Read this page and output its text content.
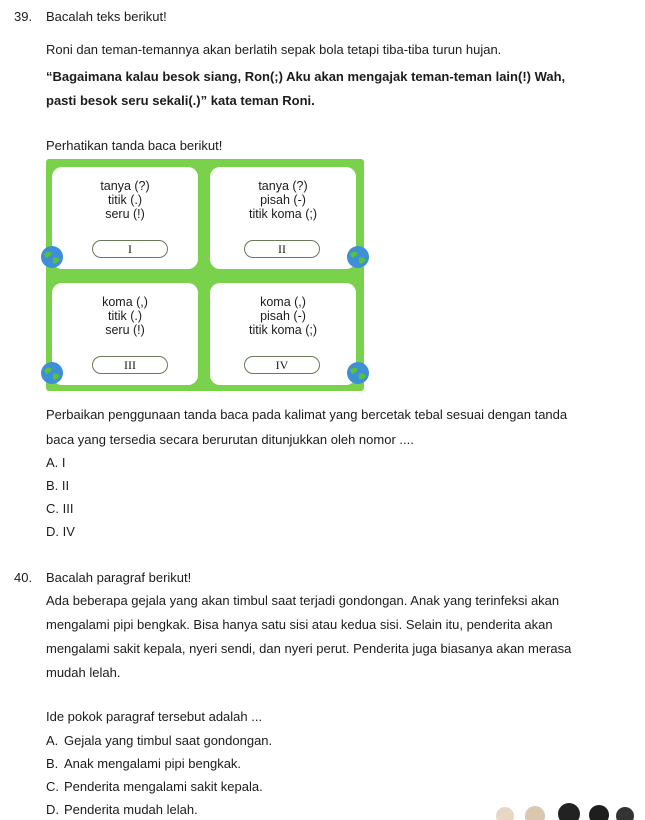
39. Bacalah teks berikut!
Roni dan teman-temannya akan berlatih sepak bola tetapi tiba-tiba turun hujan.
“Bagaimana kalau besok siang, Ron(;) Aku akan mengajak teman-teman lain(!) Wah,
pasti besok seru sekali(.)” kata teman Roni.
Perhatikan tanda baca berikut!
tanya (?)
titik (.)
seru (!)
I
tanya (?)
pisah (-)
titik koma (;)
II
koma (,)
titik (.)
seru (!)
III
koma (,)
pisah (-)
titik koma (;)
IV
Perbaikan penggunaan tanda baca pada kalimat yang bercetak tebal sesuai dengan tanda
baca yang tersedia secara berurutan ditunjukkan oleh nomor ....
A. I
B. II
C. III
D. IV
40. Bacalah paragraf berikut!
Ada beberapa gejala yang akan timbul saat terjadi gondongan. Anak yang terinfeksi akan
mengalami pipi bengkak. Bisa hanya satu sisi atau kedua sisi. Selain itu, penderita akan
mengalami sakit kepala, nyeri sendi, dan nyeri perut. Penderita juga biasanya akan merasa
mudah lelah.
Ide pokok paragraf tersebut adalah ...
A. Gejala yang timbul saat gondongan.
B. Anak mengalami pipi bengkak.
C. Penderita mengalami sakit kepala.
D. Penderita mudah lelah.
